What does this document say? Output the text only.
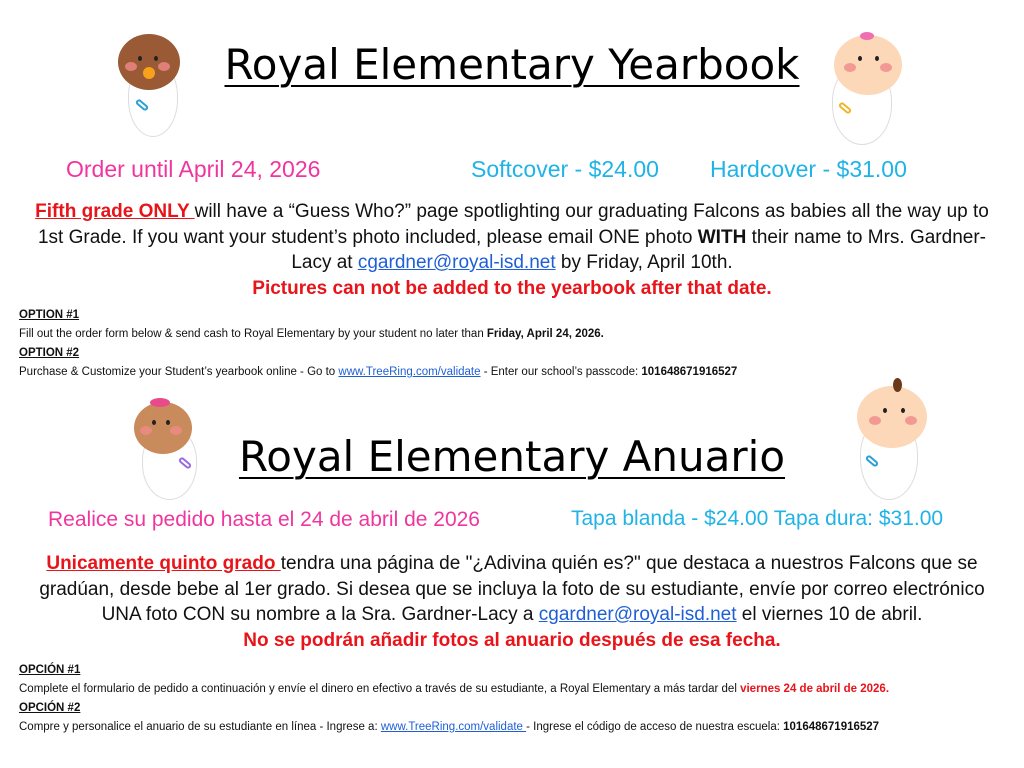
Royal Elementary Yearbook
Order until April 24, 2026	Softcover - $24.00 Hardcover - $31.00
Fifth grade ONLY will have a “Guess Who?” page spotlighting our graduating Falcons as babies all the way up to 1st Grade. If you want your student’s photo included, please email ONE photo WITH their name to Mrs. Gardner-Lacy at cgardner@royal-isd.net by Friday, April 10th.
Pictures can not be added to the yearbook after that date.
OPTION #1
Fill out the order form below & send cash to Royal Elementary by your student no later than Friday, April 24, 2026.
OPTION #2
Purchase & Customize your Student’s yearbook online - Go to www.TreeRing.com/validate - Enter our school’s passcode: 101648671916527
Royal Elementary Anuario
Realice su pedido hasta el 24 de abril de 2026	Tapa blanda - $24.00 Tapa dura: $31.00
Unicamente quinto grado tendra una página de "¿Adivina quién es?" que destaca a nuestros Falcons que se gradúan, desde bebe al 1er grado. Si desea que se incluya la foto de su estudiante, envíe por correo electrónico UNA foto CON su nombre a la Sra. Gardner-Lacy a cgardner@royal-isd.net el viernes 10 de abril.
No se podrán añadir fotos al anuario después de esa fecha.
OPCIÓN #1
Complete el formulario de pedido a continuación y envíe el dinero en efectivo a través de su estudiante, a Royal Elementary a más tardar del viernes 24 de abril de 2026.
OPCIÓN #2
Compre y personalice el anuario de su estudiante en línea - Ingrese a: www.TreeRing.com/validate - Ingrese el código de acceso de nuestra escuela: 101648671916527
